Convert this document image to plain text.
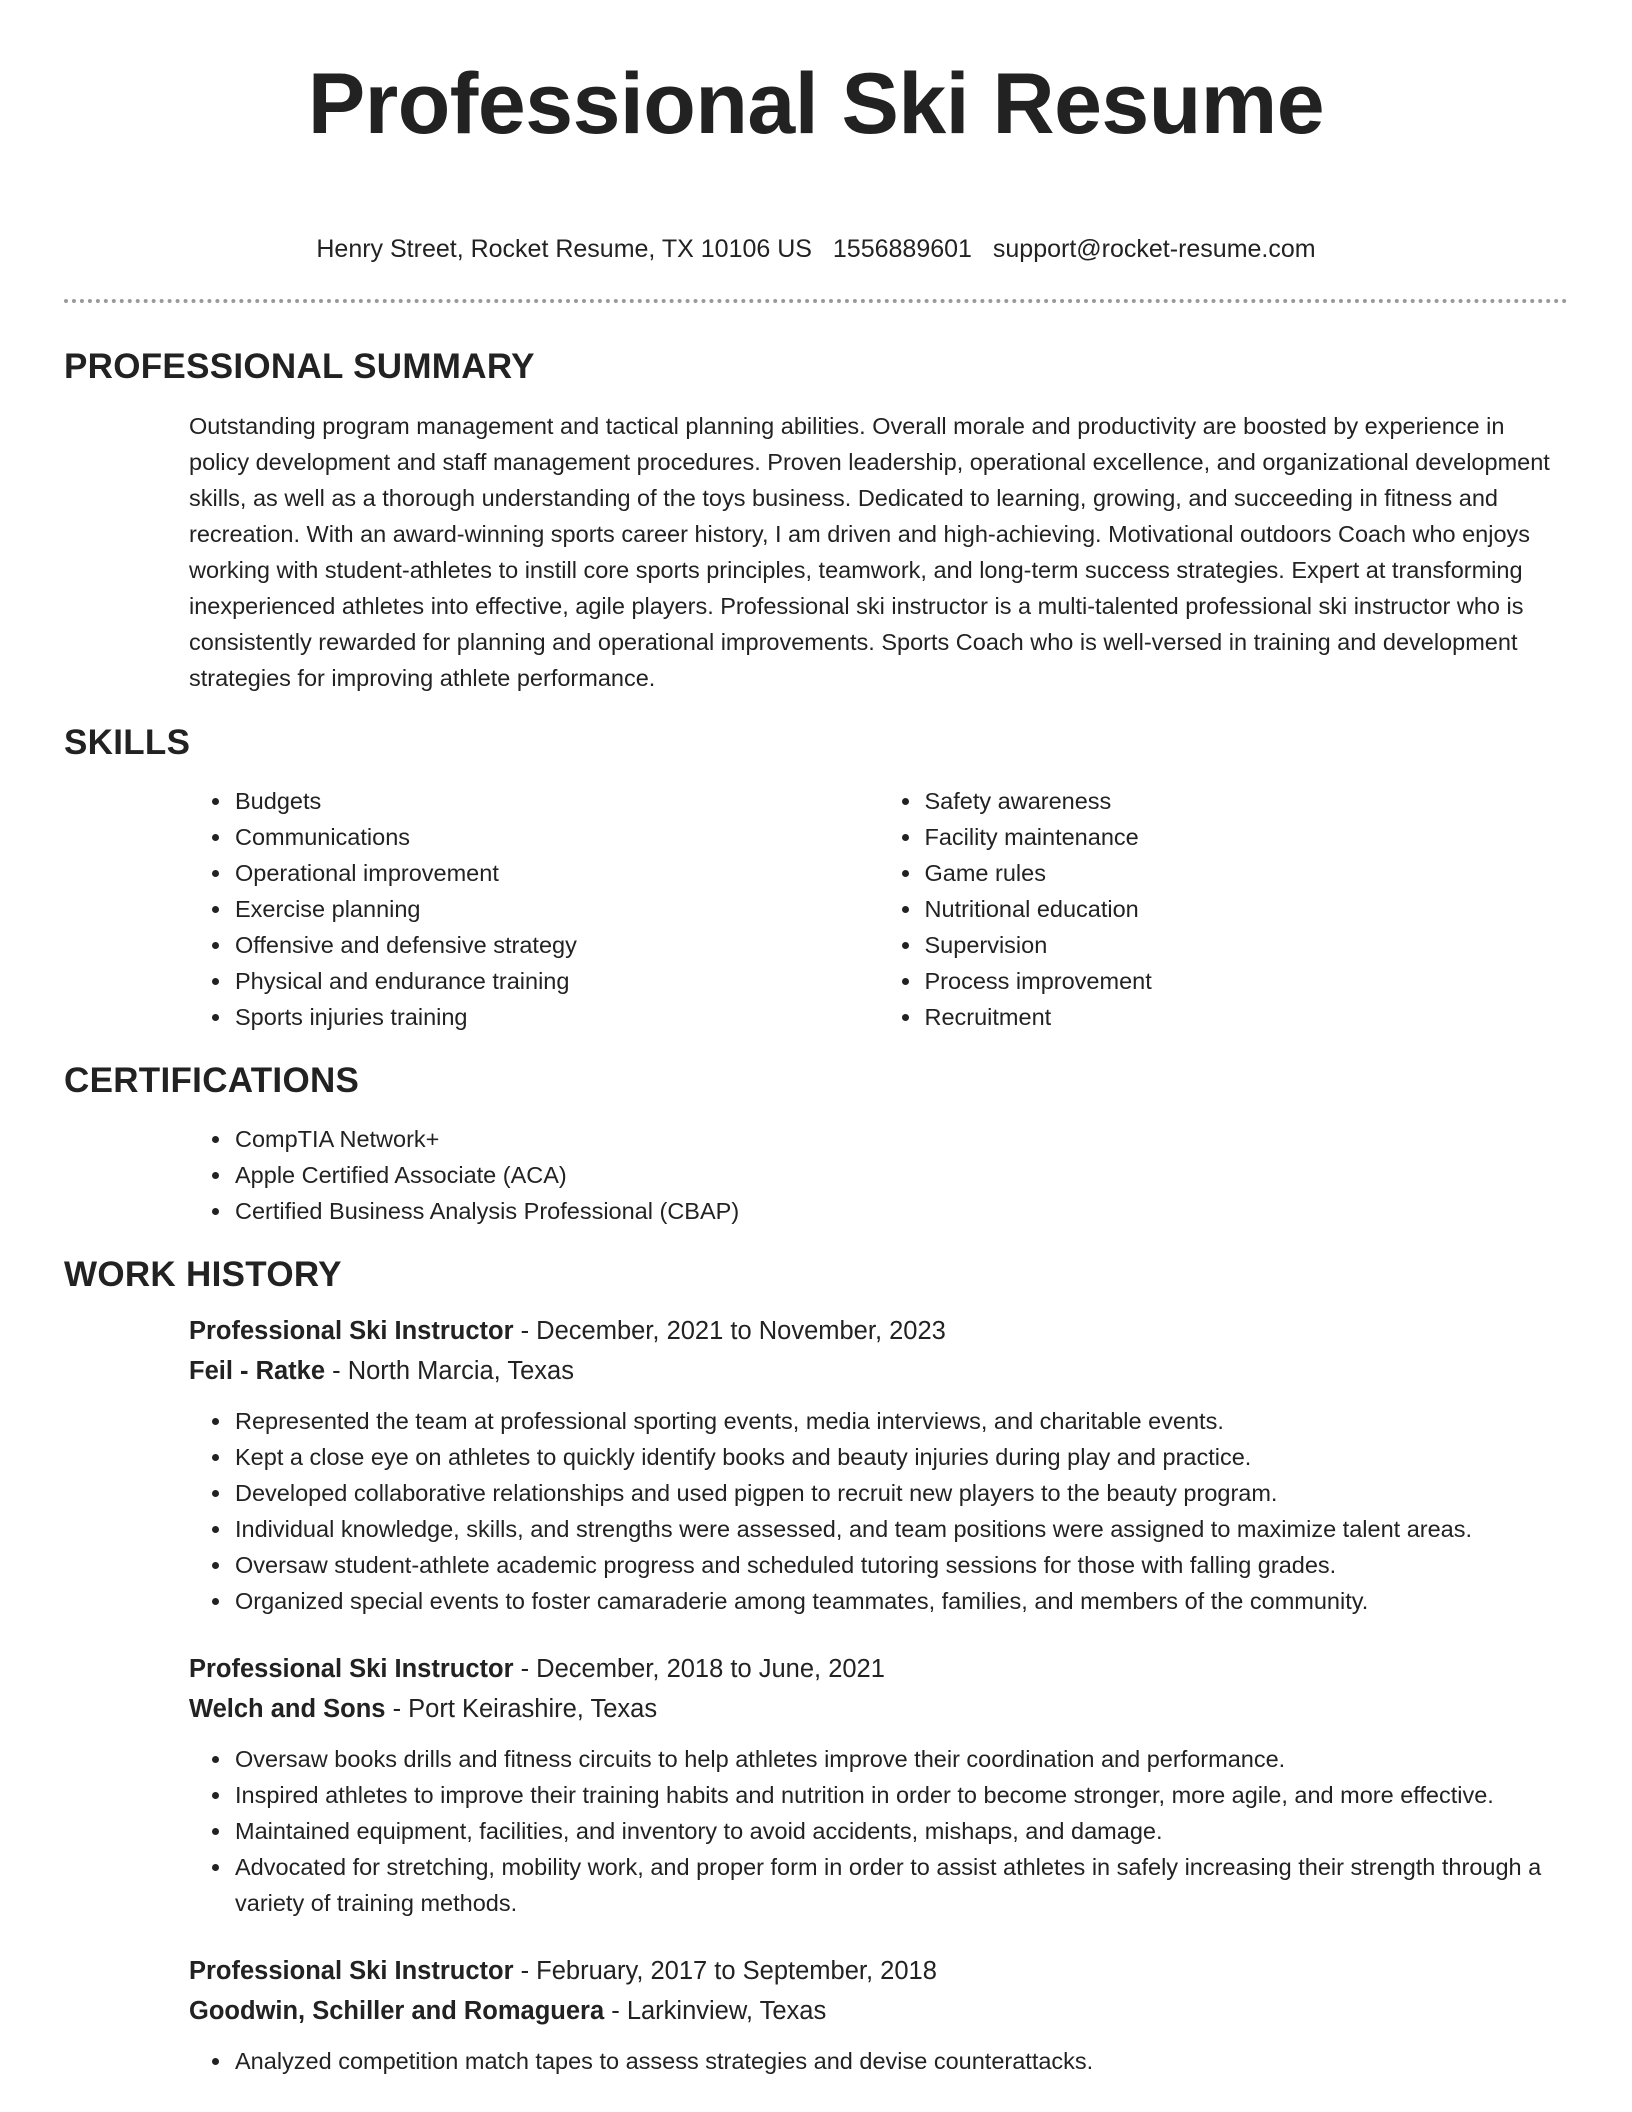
Professional Ski Resume
Henry Street, Rocket Resume, TX 10106 US 1556889601 support@rocket-resume.com
PROFESSIONAL SUMMARY

Outstanding program management and tactical planning abilities. Overall morale and productivity are boosted by experience in policy development and staff management procedures. Proven leadership, operational excellence, and organizational development skills, as well as a thorough understanding of the toys business. Dedicated to learning, growing, and succeeding in fitness and recreation. With an award-winning sports career history, I am driven and high-achieving. Motivational outdoors Coach who enjoys working with student-athletes to instill core sports principles, teamwork, and long-term success strategies. Expert at transforming inexperienced athletes into effective, agile players. Professional ski instructor is a multi-talented professional ski instructor who is consistently rewarded for planning and operational improvements. Sports Coach who is well-versed in training and development strategies for improving athlete performance.

SKILLS
• Budgets
• Communications
• Operational improvement
• Exercise planning
• Offensive and defensive strategy
• Physical and endurance training
• Sports injuries training
• Safety awareness
• Facility maintenance
• Game rules
• Nutritional education
• Supervision
• Process improvement
• Recruitment
CERTIFICATIONS
• CompTIA Network+
• Apple Certified Associate (ACA)
• Certified Business Analysis Professional (CBAP)
WORK HISTORY
Professional Ski Instructor - December, 2021 to November, 2023
Feil - Ratke - North Marcia, Texas
• Represented the team at professional sporting events, media interviews, and charitable events.
• Kept a close eye on athletes to quickly identify books and beauty injuries during play and practice.
• Developed collaborative relationships and used pigpen to recruit new players to the beauty program.
• Individual knowledge, skills, and strengths were assessed, and team positions were assigned to maximize talent areas.
• Oversaw student-athlete academic progress and scheduled tutoring sessions for those with falling grades.
• Organized special events to foster camaraderie among teammates, families, and members of the community.
Professional Ski Instructor - December, 2018 to June, 2021
Welch and Sons - Port Keirashire, Texas
• Oversaw books drills and fitness circuits to help athletes improve their coordination and performance.
• Inspired athletes to improve their training habits and nutrition in order to become stronger, more agile, and more effective.
• Maintained equipment, facilities, and inventory to avoid accidents, mishaps, and damage.
• Advocated for stretching, mobility work, and proper form in order to assist athletes in safely increasing their strength through a variety of training methods.
Professional Ski Instructor - February, 2017 to September, 2018
Goodwin, Schiller and Romaguera - Larkinview, Texas
• Analyzed competition match tapes to assess strategies and devise counterattacks.
